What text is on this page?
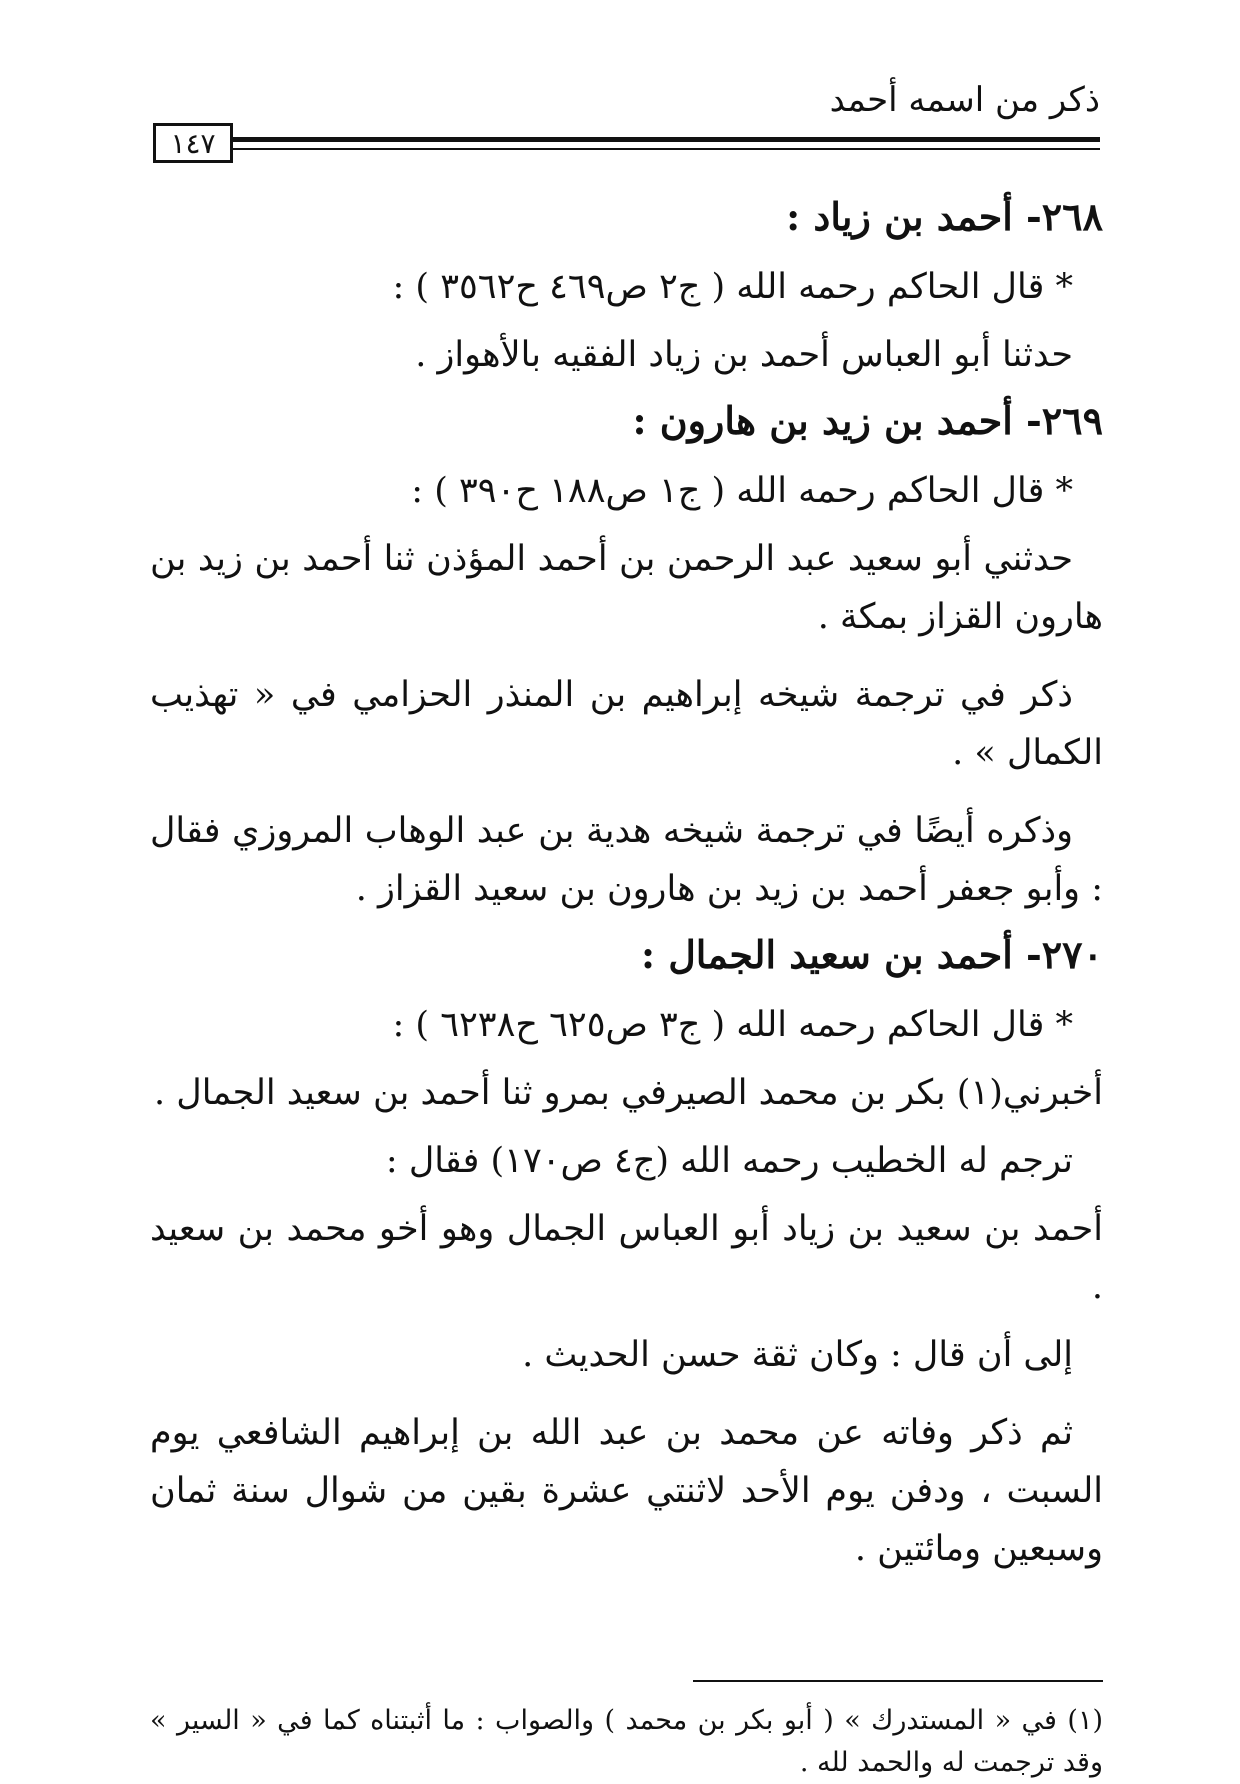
ذكر من اسمه أحمد
١٤٧
٢٦٨- أحمد بن زياد :

* قال الحاكم رحمه الله ( ج٢ ص٤٦٩ ح٣٥٦٢ ) :

حدثنا أبو العباس أحمد بن زياد الفقيه بالأهواز .

٢٦٩- أحمد بن زيد بن هارون :

* قال الحاكم رحمه الله ( ج١ ص١٨٨ ح٣٩٠ ) :

حدثني أبو سعيد عبد الرحمن بن أحمد المؤذن ثنا أحمد بن زيد بن هارون القزاز بمكة .

ذكر في ترجمة شيخه إبراهيم بن المنذر الحزامي في « تهذيب الكمال » .

وذكره أيضًا في ترجمة شيخه هدية بن عبد الوهاب المروزي فقال : وأبو جعفر أحمد بن زيد بن هارون بن سعيد القزاز .

٢٧٠- أحمد بن سعيد الجمال :

* قال الحاكم رحمه الله ( ج٣ ص٦٢٥ ح٦٢٣٨ ) :

أخبرني(١) بكر بن محمد الصيرفي بمرو ثنا أحمد بن سعيد الجمال .

ترجم له الخطيب رحمه الله (ج٤ ص١٧٠) فقال :

أحمد بن سعيد بن زياد أبو العباس الجمال وهو أخو محمد بن سعيد .

إلى أن قال : وكان ثقة حسن الحديث .

ثم ذكر وفاته عن محمد بن عبد الله بن إبراهيم الشافعي يوم السبت ، ودفن يوم الأحد لاثنتي عشرة بقين من شوال سنة ثمان وسبعين ومائتين .

(١) في « المستدرك » ( أبو بكر بن محمد ) والصواب : ما أثبتناه كما في « السير » وقد ترجمت له والحمد لله .
